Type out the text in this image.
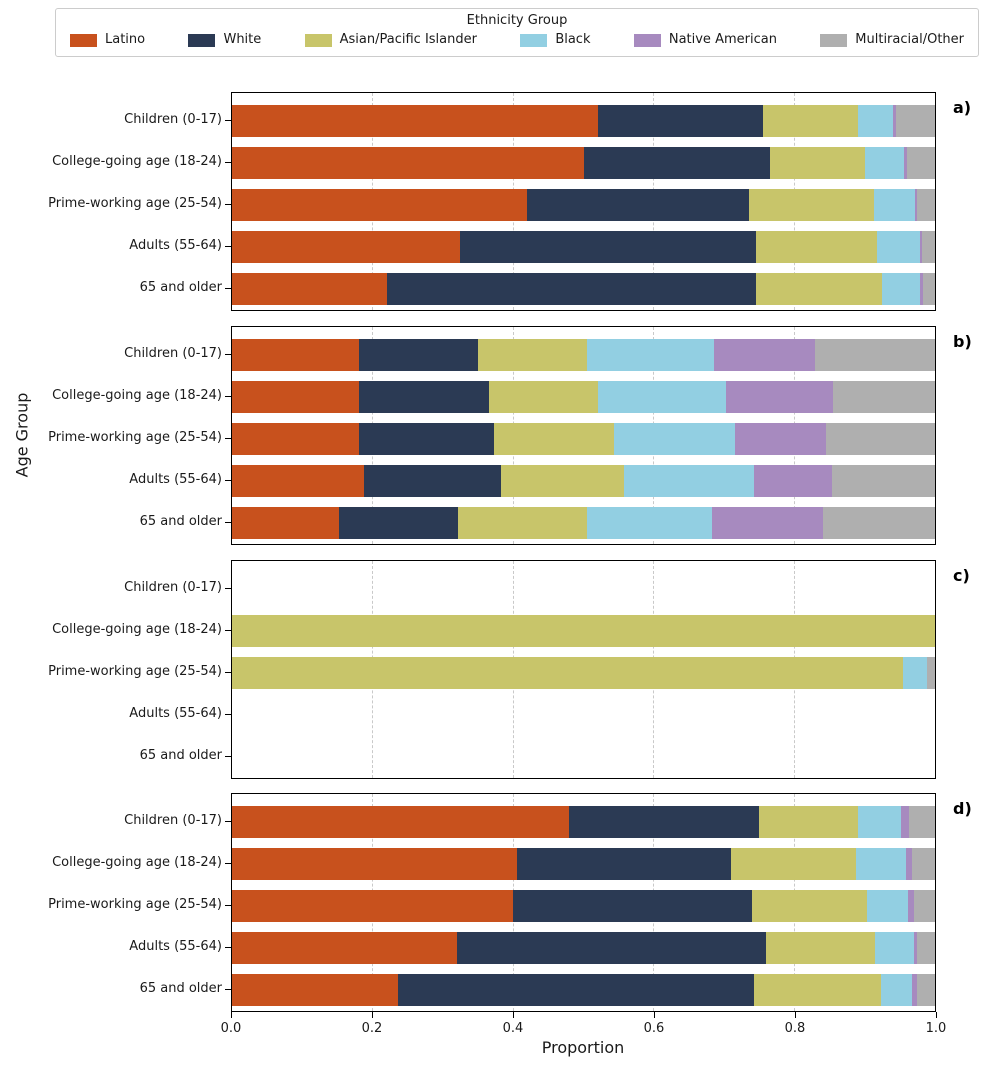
Ethnicity Group
Latino	White	Asian/Pacific Islander	Black	Native American	Multiracial/Other
Children (0-17)
College-going age (18-24)
Prime-working age (25-54)
Adults (55-64)
65 and older
a)
Children (0-17)
College-going age (18-24)
Prime-working age (25-54)
Adults (55-64)
65 and older
b)
Children (0-17)
College-going age (18-24)
Prime-working age (25-54)
Adults (55-64)
65 and older
c)
Children (0-17)
College-going age (18-24)
Prime-working age (25-54)
Adults (55-64)
65 and older
d)
0.0	0.2	0.4	0.6	0.8	1.0
Age Group
Proportion
